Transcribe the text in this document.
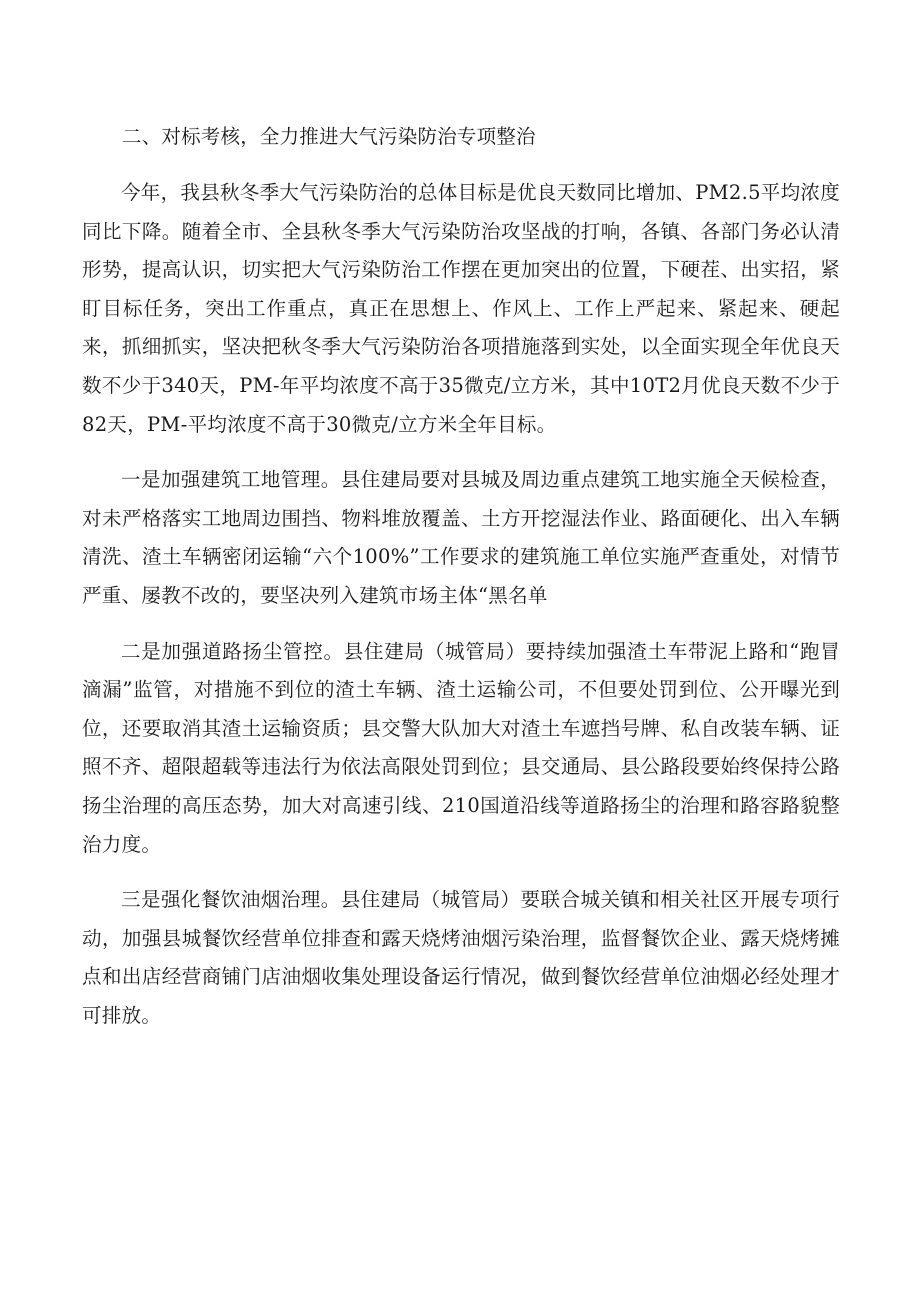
二、对标考核，全力推进大气污染防治专项整治

今年，我县秋冬季大气污染防治的总体目标是优良天数同比增加、PM2.5平均浓度同比下降。随着全市、全县秋冬季大气污染防治攻坚战的打响，各镇、各部门务必认清形势，提高认识，切实把大气污染防治工作摆在更加突出的位置，下硬茬、出实招，紧盯目标任务，突出工作重点，真正在思想上、作风上、工作上严起来、紧起来、硬起来，抓细抓实，坚决把秋冬季大气污染防治各项措施落到实处，以全面实现全年优良天数不少于340天，PM-年平均浓度不高于35微克/立方米，其中10T2月优良天数不少于82天，PM-平均浓度不高于30微克/立方米全年目标。

一是加强建筑工地管理。县住建局要对县城及周边重点建筑工地实施全天候检查，对未严格落实工地周边围挡、物料堆放覆盖、土方开挖湿法作业、路面硬化、出入车辆清洗、渣土车辆密闭运输“六个100%”工作要求的建筑施工单位实施严查重处，对情节严重、屡教不改的，要坚决列入建筑市场主体“黑名单

二是加强道路扬尘管控。县住建局（城管局）要持续加强渣土车带泥上路和“跑冒滴漏”监管，对措施不到位的渣土车辆、渣土运输公司，不但要处罚到位、公开曝光到位，还要取消其渣土运输资质；县交警大队加大对渣土车遮挡号牌、私自改装车辆、证照不齐、超限超载等违法行为依法高限处罚到位；县交通局、县公路段要始终保持公路扬尘治理的高压态势，加大对高速引线、210国道沿线等道路扬尘的治理和路容路貌整治力度。

三是强化餐饮油烟治理。县住建局（城管局）要联合城关镇和相关社区开展专项行动，加强县城餐饮经营单位排查和露天烧烤油烟污染治理，监督餐饮企业、露天烧烤摊点和出店经营商铺门店油烟收集处理设备运行情况，做到餐饮经营单位油烟必经处理才可排放。
